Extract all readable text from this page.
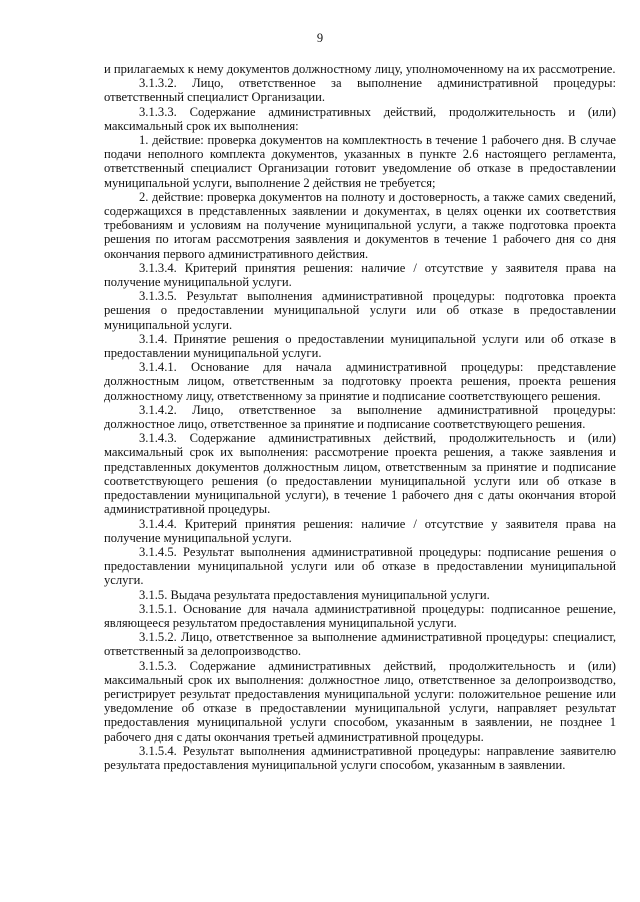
9

и прилагаемых к нему документов должностному лицу, уполномоченному на их рассмотрение.

3.1.3.2. Лицо, ответственное за выполнение административной процедуры: ответственный специалист Организации.

3.1.3.3. Содержание административных действий, продолжительность и (или) максимальный срок их выполнения:

1. действие: проверка документов на комплектность в течение 1 рабочего дня. В случае подачи неполного комплекта документов, указанных в пункте 2.6 настоящего регламента, ответственный специалист Организации готовит уведомление об отказе в предоставлении муниципальной услуги, выполнение 2 действия не требуется;

2. действие: проверка документов на полноту и достоверность, а также самих сведений, содержащихся в представленных заявлении и документах, в целях оценки их соответствия требованиям и условиям на получение муниципальной услуги, а также подготовка проекта решения по итогам рассмотрения заявления и документов в течение 1 рабочего дня со дня окончания первого административного действия.

3.1.3.4. Критерий принятия решения: наличие / отсутствие у заявителя права на получение муниципальной услуги.

3.1.3.5. Результат выполнения административной процедуры: подготовка проекта решения о предоставлении муниципальной услуги или об отказе в предоставлении муниципальной услуги.

3.1.4. Принятие решения о предоставлении муниципальной услуги или об отказе в предоставлении муниципальной услуги.

3.1.4.1. Основание для начала административной процедуры: представление должностным лицом, ответственным за подготовку проекта решения, проекта решения должностному лицу, ответственному за принятие и подписание соответствующего решения.

3.1.4.2. Лицо, ответственное за выполнение административной процедуры: должностное лицо, ответственное за принятие и подписание соответствующего решения.

3.1.4.3. Содержание административных действий, продолжительность и (или) максимальный срок их выполнения: рассмотрение проекта решения, а также заявления и представленных документов должностным лицом, ответственным за принятие и подписание соответствующего решения (о предоставлении муниципальной услуги или об отказе в предоставлении муниципальной услуги), в течение 1 рабочего дня с даты окончания второй административной процедуры.

3.1.4.4. Критерий принятия решения: наличие / отсутствие у заявителя права на получение муниципальной услуги.

3.1.4.5. Результат выполнения административной процедуры: подписание решения о предоставлении муниципальной услуги или об отказе в предоставлении муниципальной услуги.

3.1.5. Выдача результата предоставления муниципальной услуги.

3.1.5.1. Основание для начала административной процедуры: подписанное решение, являющееся результатом предоставления муниципальной услуги.

3.1.5.2. Лицо, ответственное за выполнение административной процедуры: специалист, ответственный за делопроизводство.

3.1.5.3. Содержание административных действий, продолжительность и (или) максимальный срок их выполнения: должностное лицо, ответственное за делопроизводство, регистрирует результат предоставления муниципальной услуги: положительное решение или уведомление об отказе в предоставлении муниципальной услуги, направляет результат предоставления муниципальной услуги способом, указанным в заявлении, не позднее 1 рабочего дня с даты окончания третьей административной процедуры.

3.1.5.4. Результат выполнения административной процедуры: направление заявителю результата предоставления муниципальной услуги способом, указанным в заявлении.
